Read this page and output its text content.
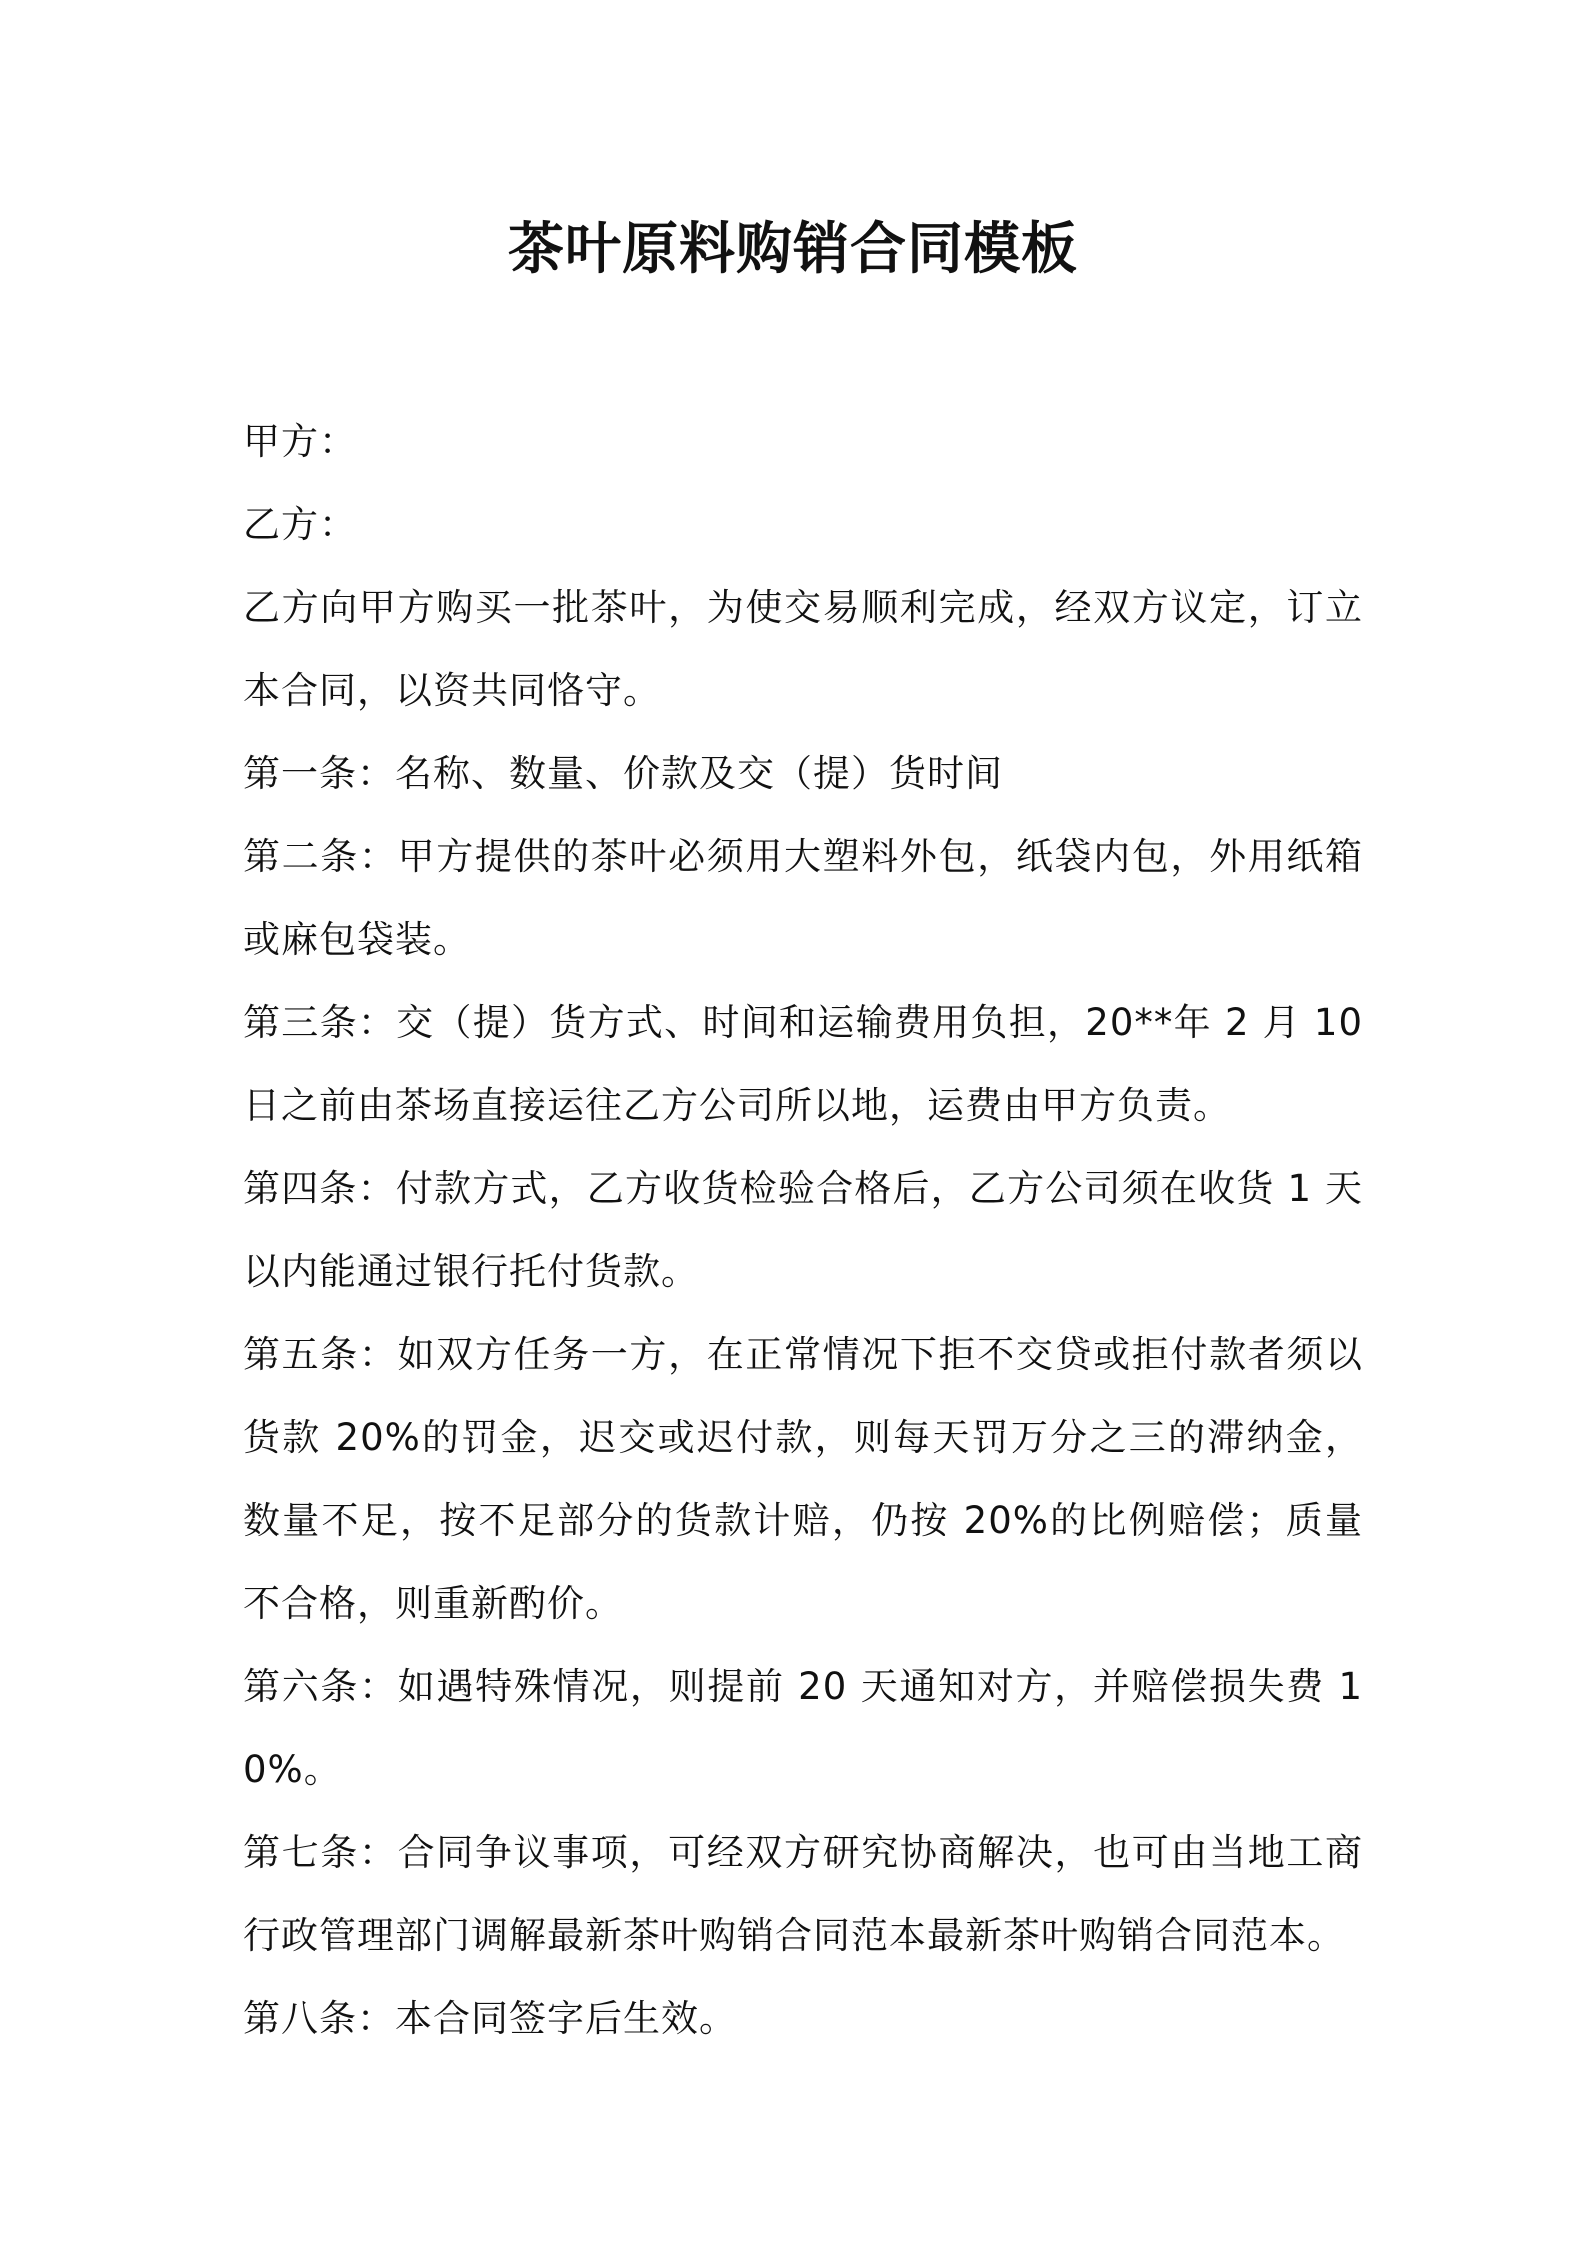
茶叶原料购销合同模板

甲方：

乙方：

乙方向甲方购买一批茶叶，为使交易顺利完成，经双方议定，订立本合同，以资共同恪守。

第一条：名称、数量、价款及交（提）货时间

第二条：甲方提供的茶叶必须用大塑料外包，纸袋内包，外用纸箱或麻包袋装。

第三条：交（提）货方式、时间和运输费用负担，20**年 2 月 10 日之前由茶场直接运往乙方公司所以地，运费由甲方负责。

第四条：付款方式，乙方收货检验合格后，乙方公司须在收货 1 天以内能通过银行托付货款。

第五条：如双方任务一方，在正常情况下拒不交贷或拒付款者须以货款 20%的罚金，迟交或迟付款，则每天罚万分之三的滞纳金，数量不足，按不足部分的货款计赔，仍按 20%的比例赔偿；质量不合格，则重新酌价。

第六条：如遇特殊情况，则提前 20 天通知对方，并赔偿损失费 10%。

第七条：合同争议事项，可经双方研究协商解决，也可由当地工商行政管理部门调解最新茶叶购销合同范本最新茶叶购销合同范本。

第八条：本合同签字后生效。
